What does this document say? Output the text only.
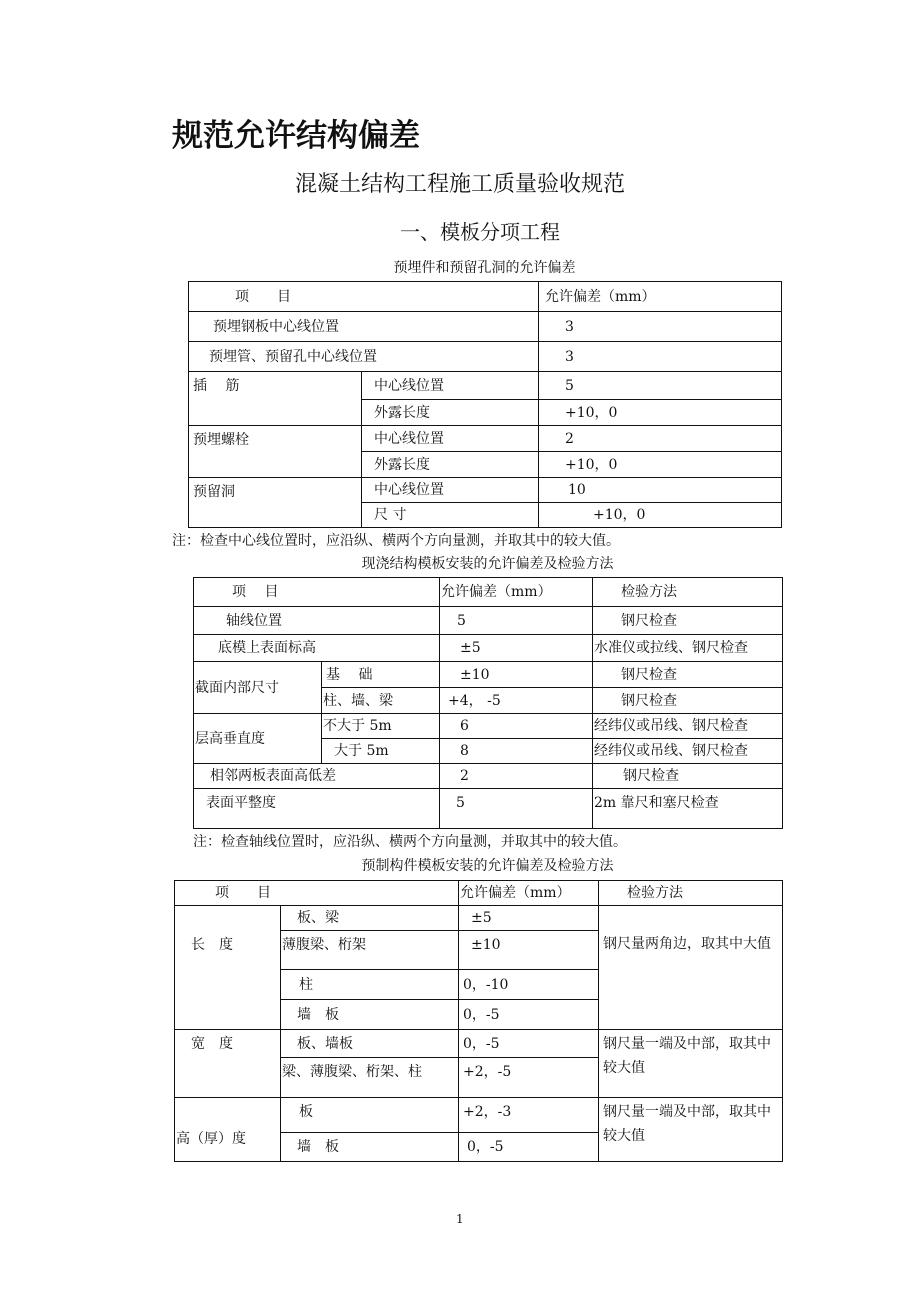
规范允许结构偏差
混凝土结构工程施工质量验收规范
一、模板分项工程
预埋件和预留孔洞的允许偏差
项　　目		允许偏差（mm）
预埋钢板中心线位置		3
预埋管、预留孔中心线位置		3
插　 筋	中心线位置	5
	外露长度	+10，0
预埋螺栓	中心线位置	2
	外露长度	+10，0
预留洞	中心线位置	10
	尺 寸	+10，0
注：检查中心线位置时，应沿纵、横两个方向量测，并取其中的较大值。
现浇结构模板安装的允许偏差及检验方法
项　 目		允许偏差（mm）	检验方法
轴线位置		5	钢尺检查
底模上表面标高		±5	水准仪或拉线、钢尺检查
截面内部尺寸	基　 础	±10	钢尺检查
	柱、墙、梁	+4， -5	钢尺检查
层高垂直度	不大于 5m	6	经纬仪或吊线、钢尺检查
	大于 5m	8	经纬仪或吊线、钢尺检查
相邻两板表面高低差		2	钢尺检查
表面平整度		5	2m 靠尺和塞尺检查
注：检查轴线位置时，应沿纵、横两个方向量测，并取其中的较大值。
预制构件模板安装的允许偏差及检验方法
项　　目		允许偏差（mm）	检验方法
长　度	板、梁	±5	钢尺量两角边，取其中大值
	薄腹梁、桁架	±10	
	柱	0，-10	
	墙　板	0，-5	
宽　度	板、墙板	0，-5	钢尺量一端及中部，取其中较大值
	梁、薄腹梁、桁架、柱	+2，-5	
高（厚）度	板	+2，-3	钢尺量一端及中部，取其中较大值
	墙　板	0，-5	
1
